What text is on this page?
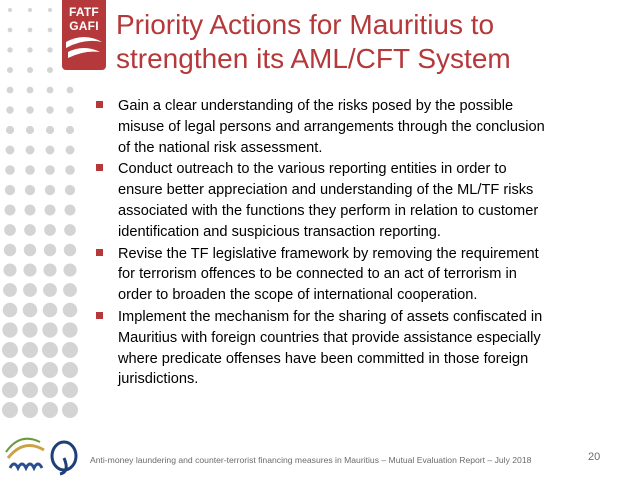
FATF
GAFI Priority Actions for Mauritius to
strengthen its AML/CFT System
Gain a clear understanding of the risks posed by the possible
misuse of legal persons and arrangements through the conclusion
of the national risk assessment.
Conduct outreach to the various reporting entities in order to
ensure better appreciation and understanding of the ML/TF risks
associated with the functions they perform in relation to customer
identification and suspicious transaction reporting.
Revise the TF legislative framework by removing the requirement
for terrorism offences to be connected to an act of terrorism in
order to broaden the scope of international cooperation.
Implement the mechanism for the sharing of assets confiscated in
Mauritius with foreign countries that provide assistance especially
where predicate offenses have been committed in those foreign
jurisdictions.
Anti-money laundering and counter-terrorist financing measures in Mauritius – Mutual Evaluation Report – July 2018	20
